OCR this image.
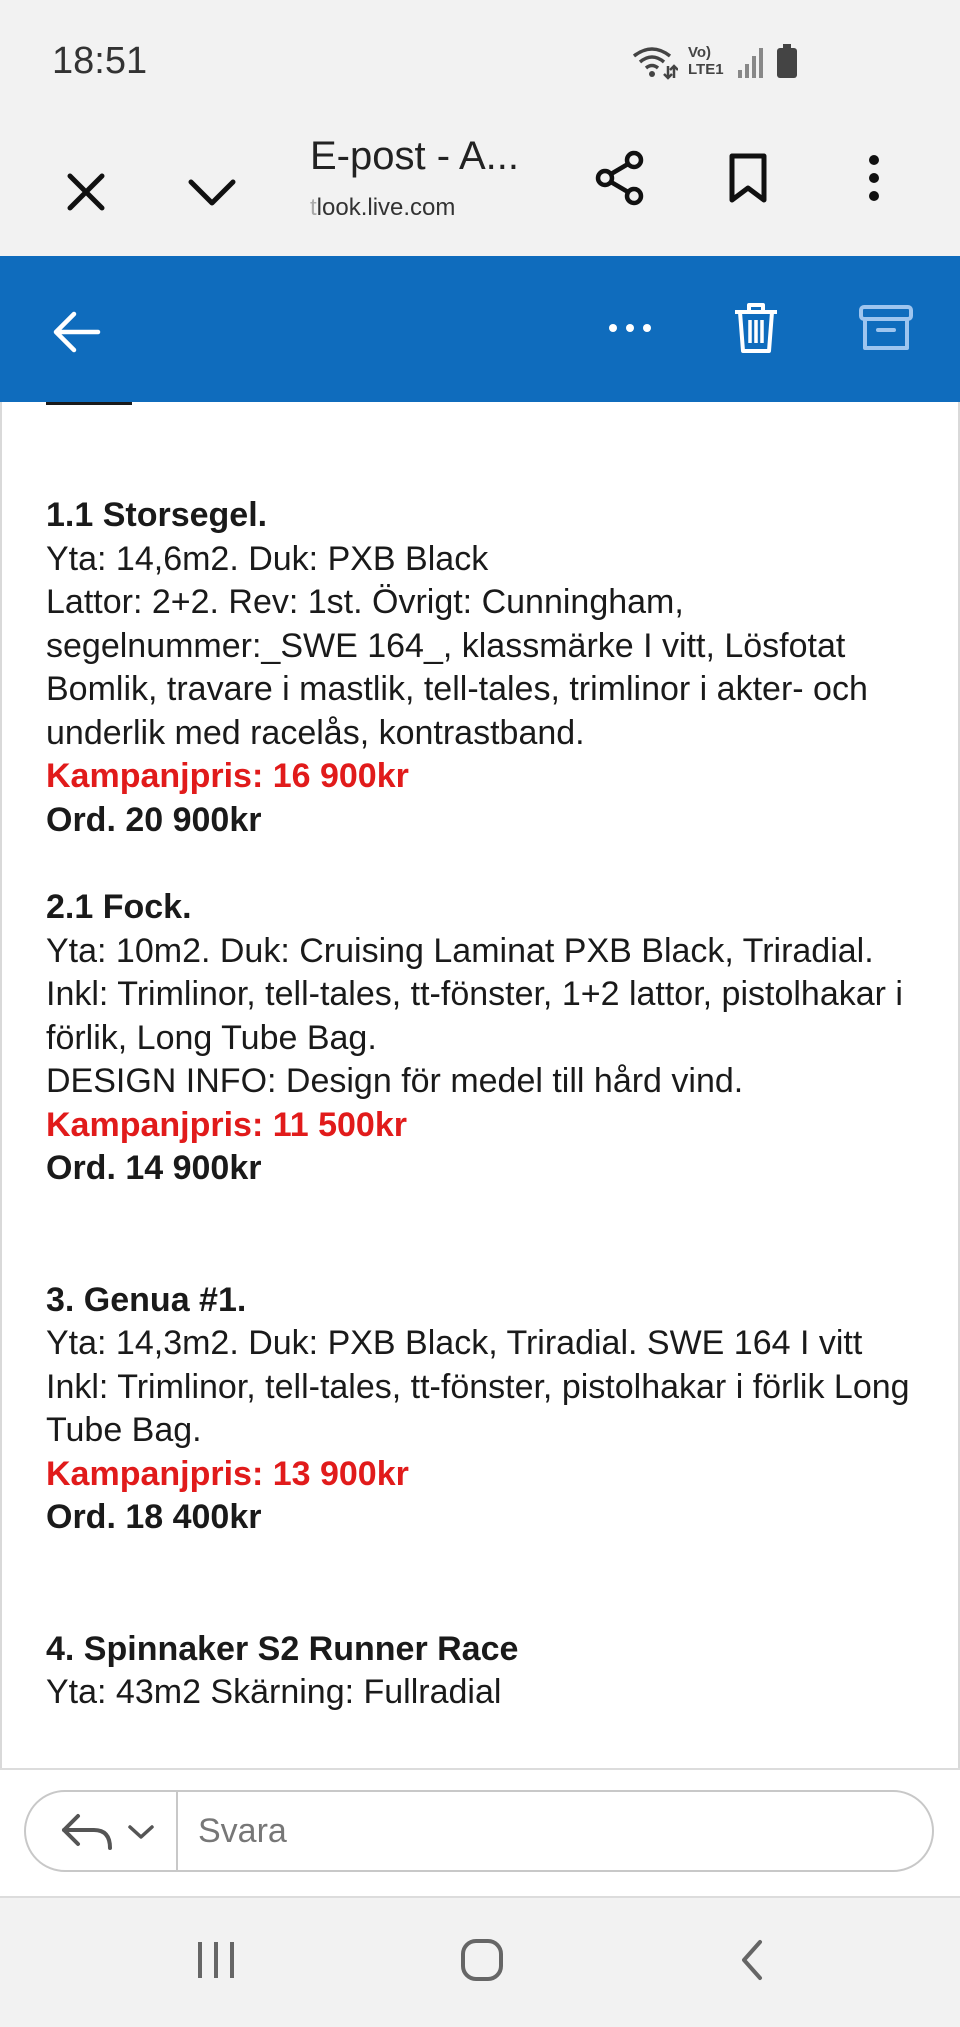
18:51	Vo)
LTE1
E-post - A...
tlook.live.com

1.1 Storsegel.

Yta: 14,6m2. Duk: PXB Black

Lattor: 2+2. Rev: 1st. Övrigt: Cunningham, segelnummer:_SWE 164_, klassmärke I vitt, Lösfotat Bomlik, travare i mastlik, tell-tales, trimlinor i akter- och underlik med racelås, kontrastband.

Kampanjpris: 16 900kr

Ord. 20 900kr

2.1 Fock.

Yta: 10m2. Duk: Cruising Laminat PXB Black, Triradial.

Inkl: Trimlinor, tell-tales, tt-fönster, 1+2 lattor, pistolhakar i förlik, Long Tube Bag.

DESIGN INFO: Design för medel till hård vind.

Kampanjpris: 11 500kr

Ord. 14 900kr

3. Genua #1.

Yta: 14,3m2. Duk: PXB Black, Triradial. SWE 164 I vitt

Inkl: Trimlinor, tell-tales, tt-fönster, pistolhakar i förlik Long Tube Bag.

Kampanjpris: 13 900kr

Ord. 18 400kr

4. Spinnaker S2 Runner Race

Yta: 43m2 Skärning: Fullradial

Svara
